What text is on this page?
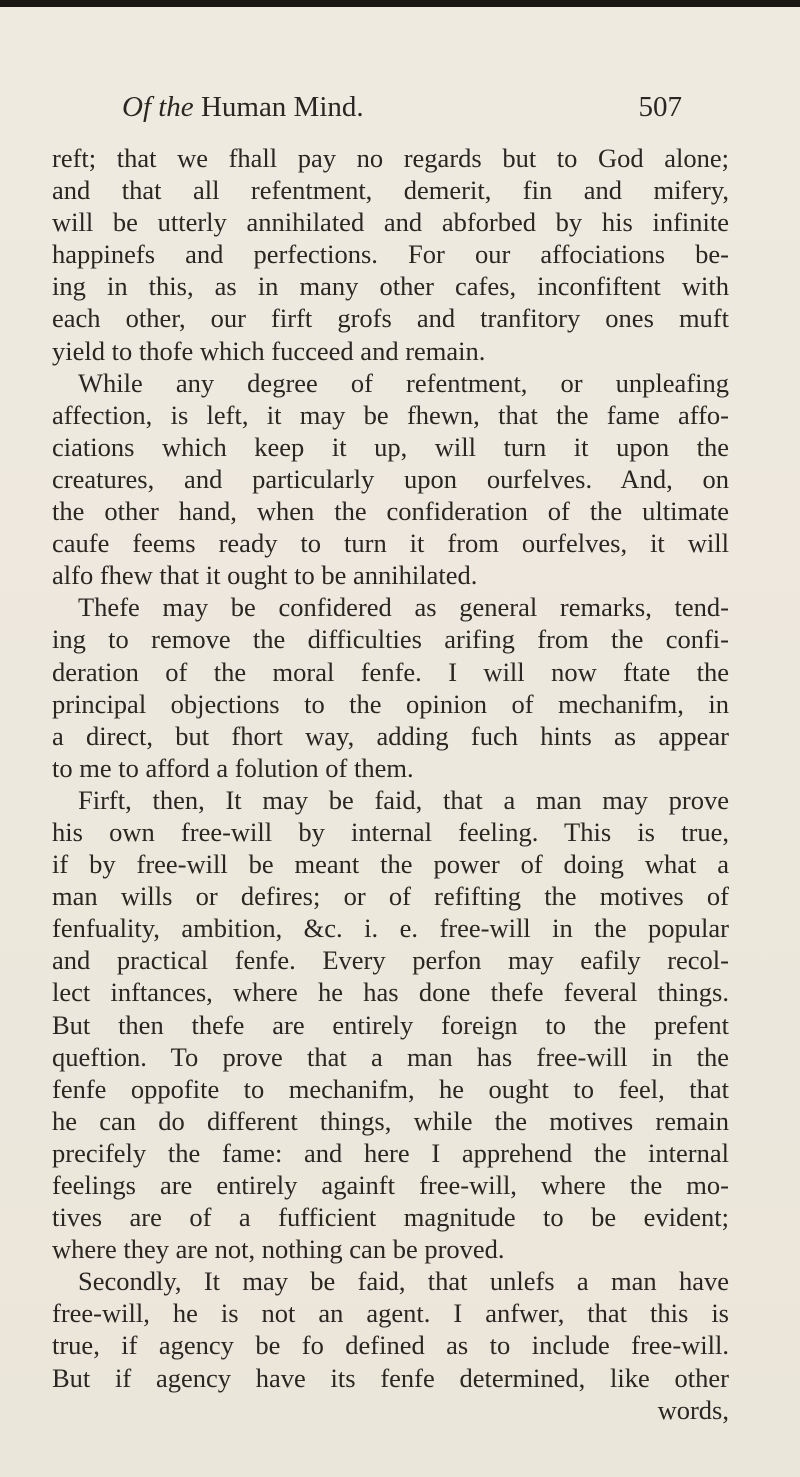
Of the Human Mind.	507
reft; that we fhall pay no regards but to God alone;
and that all refentment, demerit, fin and mifery,
will be utterly annihilated and abforbed by his infinite
happinefs and perfections. For our affociations be-
ing in this, as in many other cafes, inconfiftent with
each other, our firft grofs and tranfitory ones muft
yield to thofe which fucceed and remain.
While any degree of refentment, or unpleafing
affection, is left, it may be fhewn, that the fame affo-
ciations which keep it up, will turn it upon the
creatures, and particularly upon ourfelves. And, on
the other hand, when the confideration of the ultimate
caufe feems ready to turn it from ourfelves, it will
alfo fhew that it ought to be annihilated.
Thefe may be confidered as general remarks, tend-
ing to remove the difficulties arifing from the confi-
deration of the moral fenfe. I will now ftate the
principal objections to the opinion of mechanifm, in
a direct, but fhort way, adding fuch hints as appear
to me to afford a folution of them.
Firft, then, It may be faid, that a man may prove
his own free-will by internal feeling. This is true,
if by free-will be meant the power of doing what a
man wills or defires; or of refifting the motives of
fenfuality, ambition, &c. i. e. free-will in the popular
and practical fenfe. Every perfon may eafily recol-
lect inftances, where he has done thefe feveral things.
But then thefe are entirely foreign to the prefent
queftion. To prove that a man has free-will in the
fenfe oppofite to mechanifm, he ought to feel, that
he can do different things, while the motives remain
precifely the fame: and here I apprehend the internal
feelings are entirely againft free-will, where the mo-
tives are of a fufficient magnitude to be evident;
where they are not, nothing can be proved.
Secondly, It may be faid, that unlefs a man have
free-will, he is not an agent. I anfwer, that this is
true, if agency be fo defined as to include free-will.
But if agency have its fenfe determined, like other
words,
